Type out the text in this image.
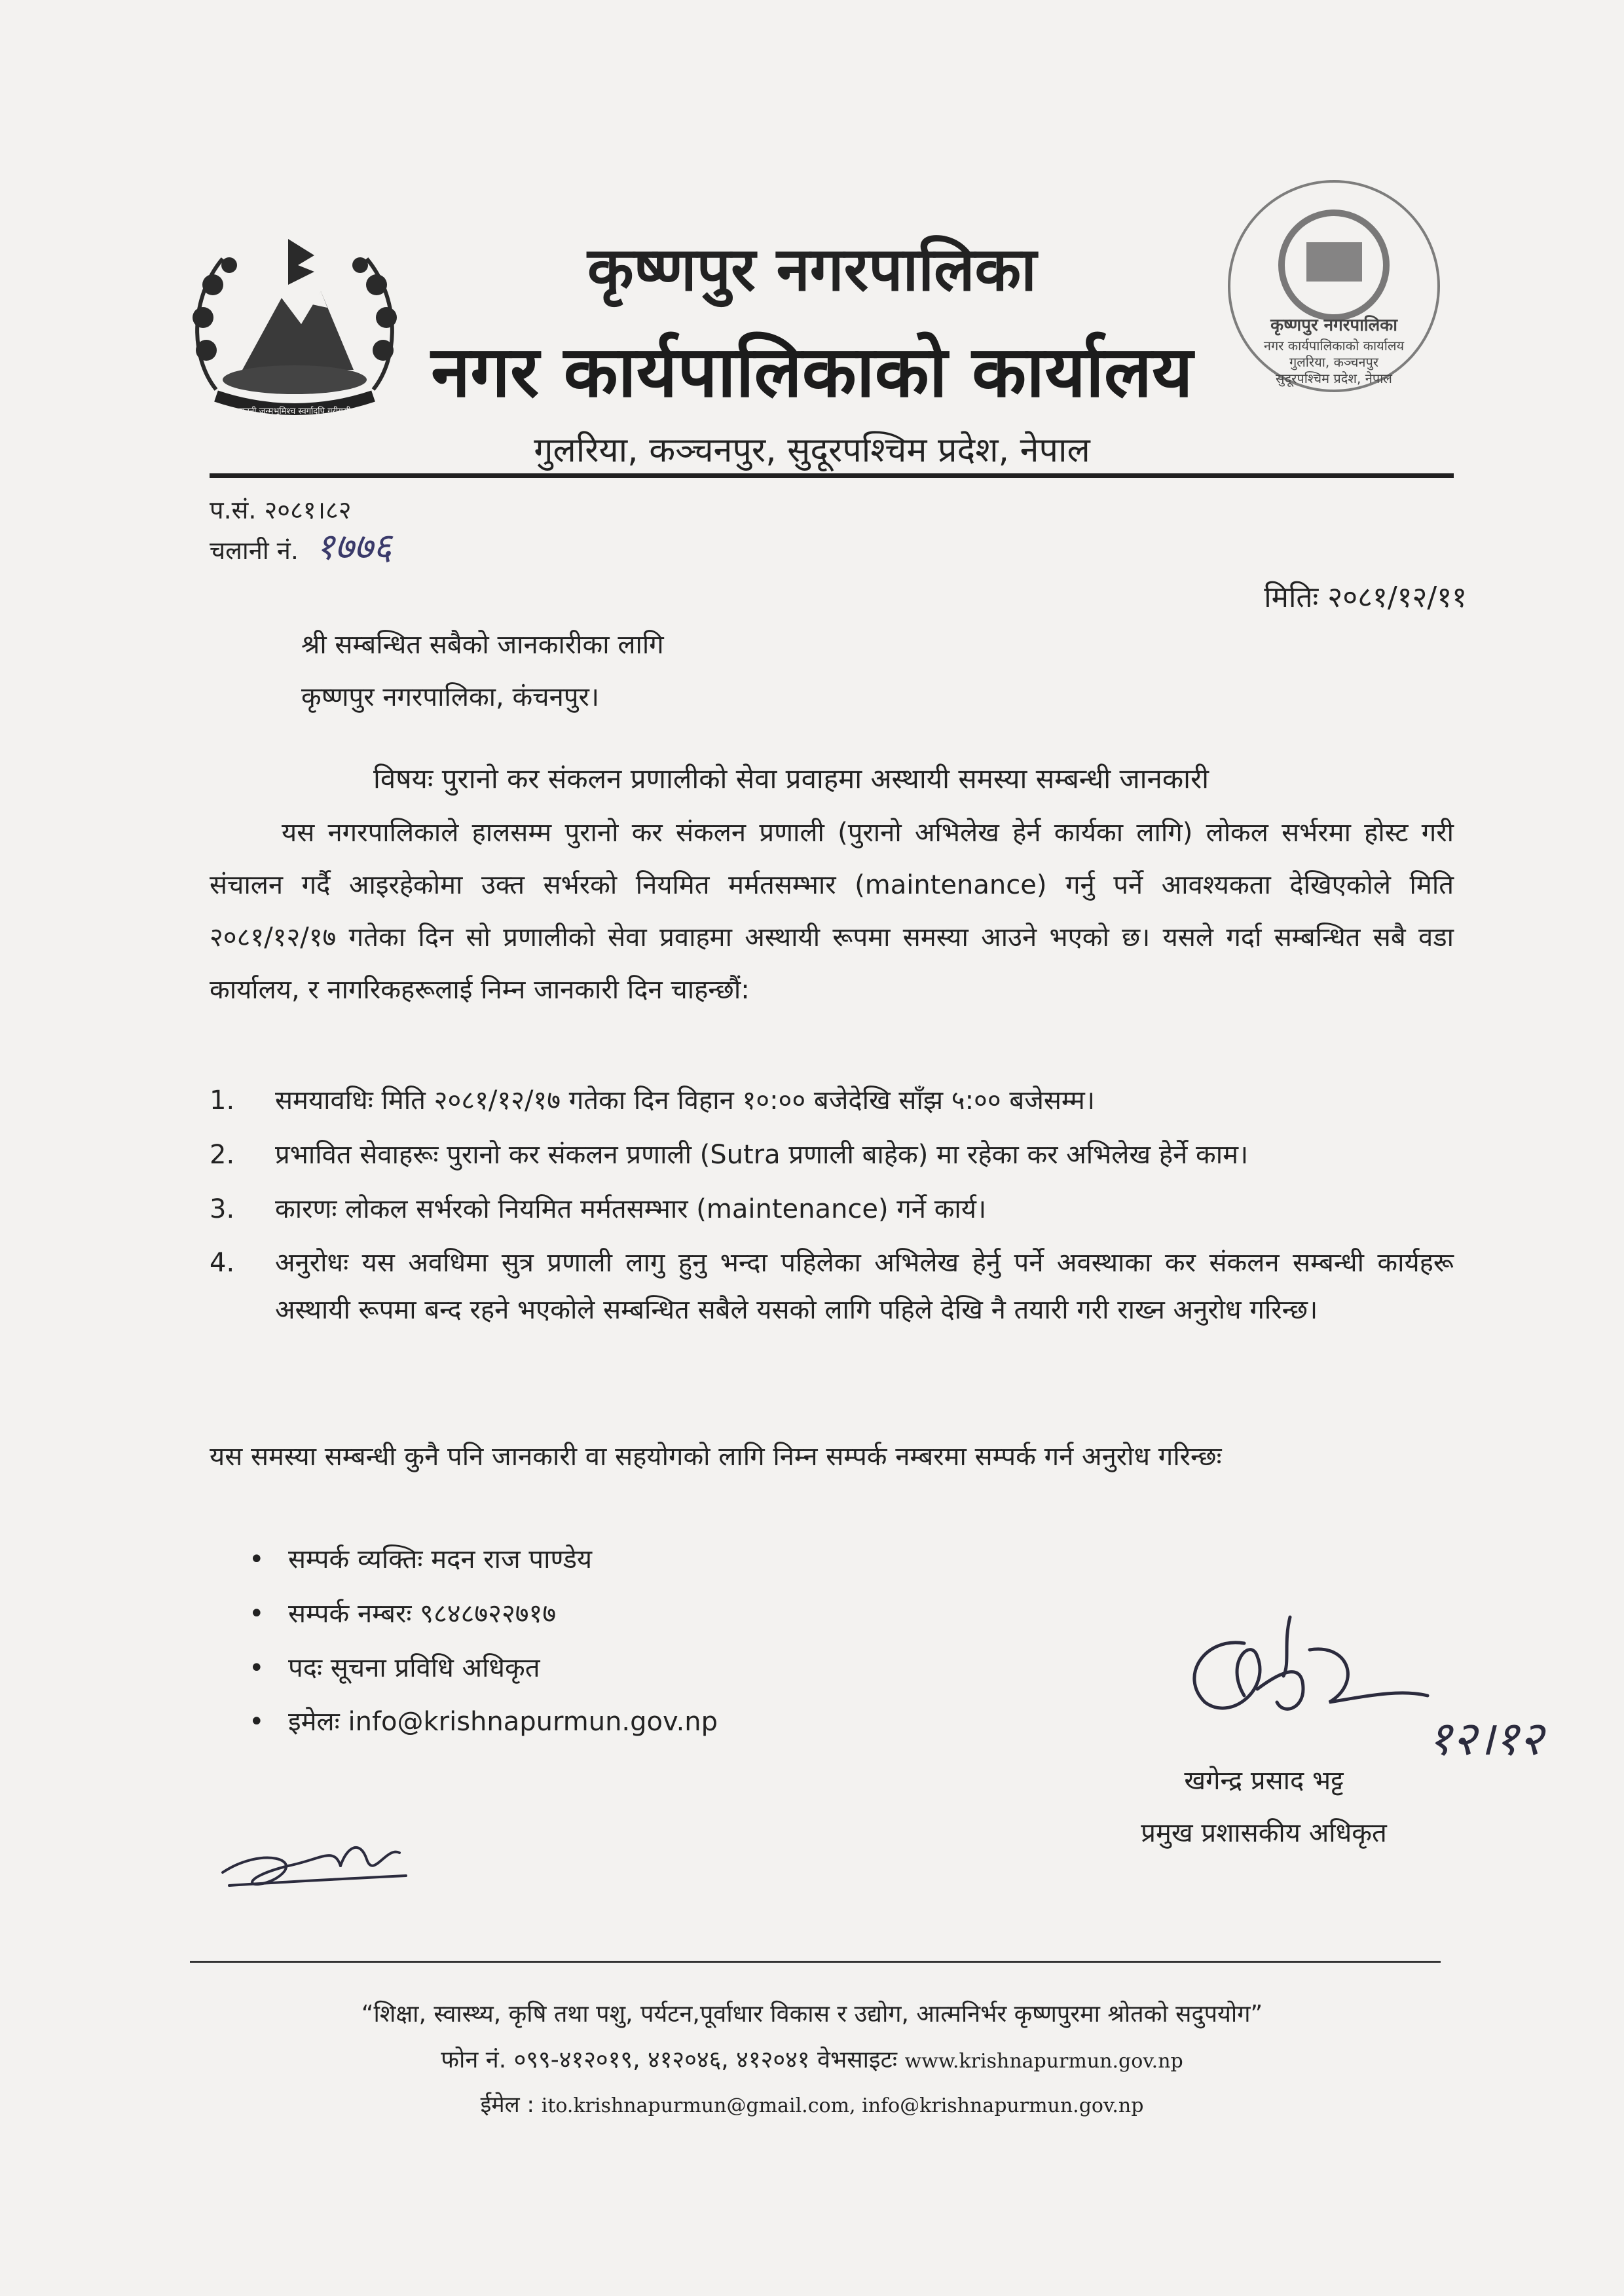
जननी जन्मभूमिश्च स्वर्गादपि गरीयसी
कृष्णपुर नगरपालिका
नगर कार्यपालिकाको कार्यालय
गुलरिया, कञ्चनपुर
सुदूरपश्चिम प्रदेश, नेपाल
कृष्णपुर नगरपालिका
नगर कार्यपालिकाको कार्यालय
गुलरिया, कञ्चनपुर, सुदूरपश्चिम प्रदेश, नेपाल
प.सं. २०८१।८२
चलानी नं. १७७६
मितिः २०८१/१२/११
श्री सम्बन्धित सबैको जानकारीका लागि
कृष्णपुर नगरपालिका, कंचनपुर।
विषयः पुरानो कर संकलन प्रणालीको सेवा प्रवाहमा अस्थायी समस्या सम्बन्धी जानकारी
यस नगरपालिकाले हालसम्म पुरानो कर संकलन प्रणाली (पुरानो अभिलेख हेर्न कार्यका लागि) लोकल सर्भरमा होस्ट गरी संचालन गर्दै आइरहेकोमा उक्त सर्भरको नियमित मर्मतसम्भार (maintenance) गर्नु पर्ने आवश्यकता देखिएकोले मिति २०८१/१२/१७ गतेका दिन सो प्रणालीको सेवा प्रवाहमा अस्थायी रूपमा समस्या आउने भएको छ। यसले गर्दा सम्बन्धित सबै वडा कार्यालय, र नागरिकहरूलाई निम्न जानकारी दिन चाहन्छौं:
1.	समयावधिः मिति २०८१/१२/१७ गतेका दिन विहान १०:०० बजेदेखि साँझ ५:०० बजेसम्म।
2.	प्रभावित सेवाहरूः पुरानो कर संकलन प्रणाली (Sutra प्रणाली बाहेक) मा रहेका कर अभिलेख हेर्ने काम।
3.	कारणः लोकल सर्भरको नियमित मर्मतसम्भार (maintenance) गर्ने कार्य।
4.	अनुरोधः यस अवधिमा सुत्र प्रणाली लागु हुनु भन्दा पहिलेका अभिलेख हेर्नु पर्ने अवस्थाका कर संकलन सम्बन्धी कार्यहरू अस्थायी रूपमा बन्द रहने भएकोले सम्बन्धित सबैले यसको लागि पहिले देखि नै तयारी गरी राख्न अनुरोध गरिन्छ।
यस समस्या सम्बन्धी कुनै पनि जानकारी वा सहयोगको लागि निम्न सम्पर्क नम्बरमा सम्पर्क गर्न अनुरोध गरिन्छः
• सम्पर्क व्यक्तिः मदन राज पाण्डेय
• सम्पर्क नम्बरः ९८४८७२२७१७
• पदः सूचना प्रविधि अधिकृत
• इमेलः info@krishnapurmun.gov.np	१२।१२
खगेन्द्र प्रसाद भट्ट
प्रमुख प्रशासकीय अधिकृत
“शिक्षा, स्वास्थ्य, कृषि तथा पशु, पर्यटन,पूर्वाधार विकास र उद्योग, आत्मनिर्भर कृष्णपुरमा श्रोतको सदुपयोग”
फोन नं. ०९९-४१२०१९, ४१२०४६, ४१२०४१ वेभसाइटः www.krishnapurmun.gov.np
ईमेल : ito.krishnapurmun@gmail.com, info@krishnapurmun.gov.np
